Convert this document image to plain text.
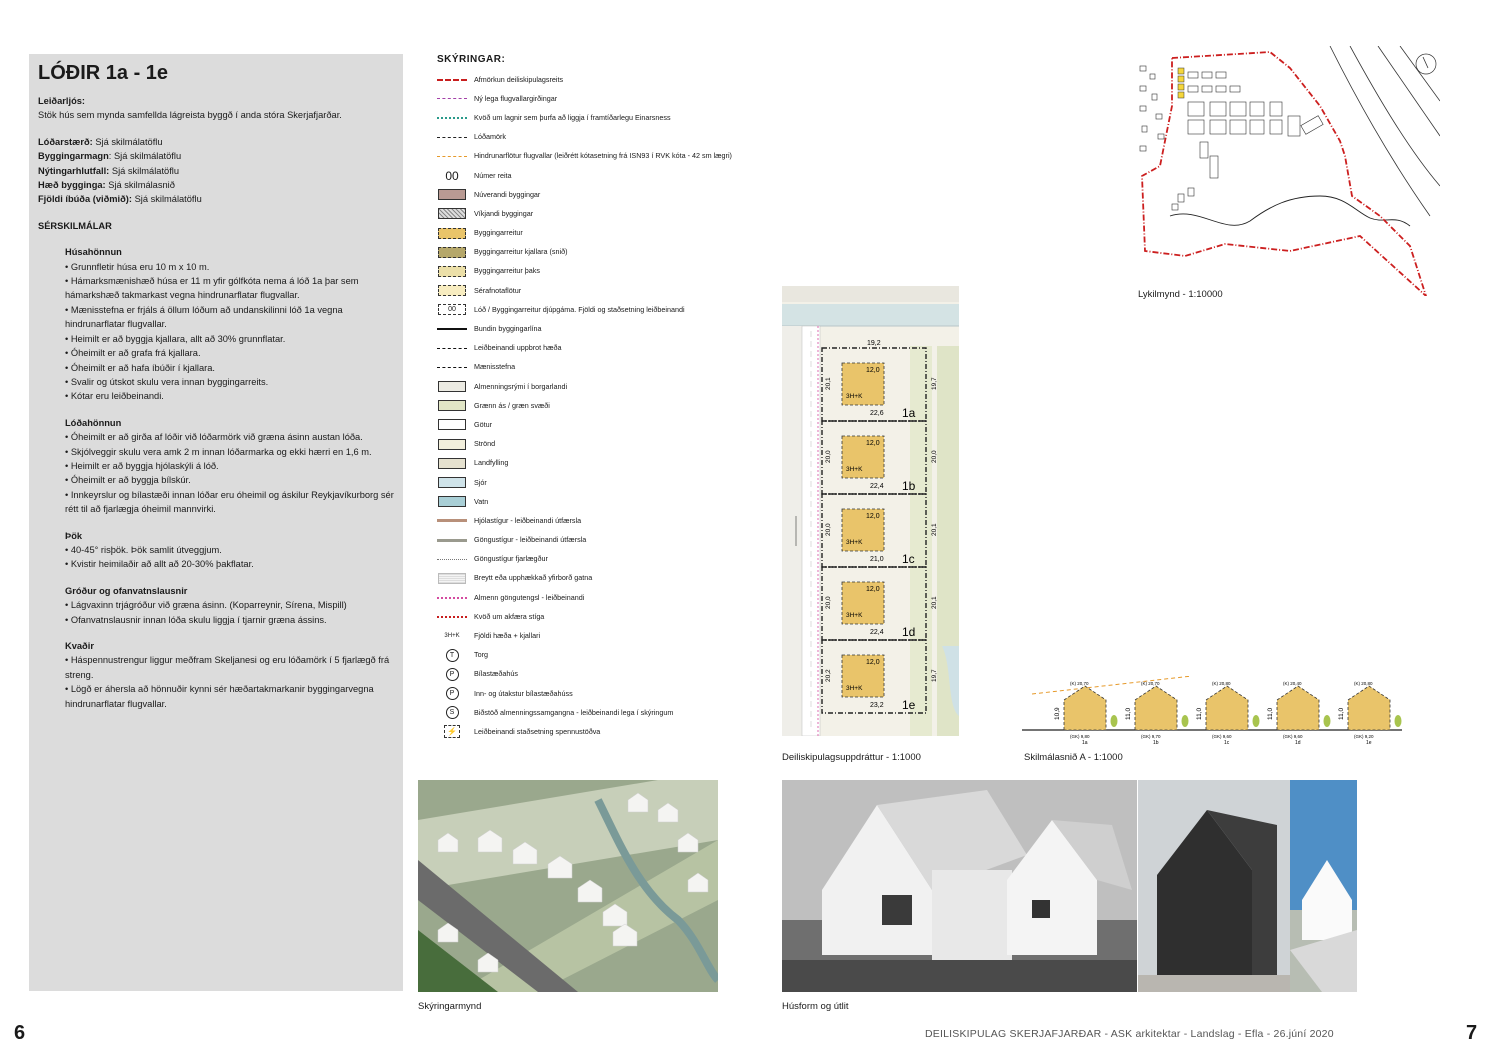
LÓÐIR 1a - 1e

Leiðarljós:

Stök hús sem mynda samfellda lágreista byggð í anda stóra Skerjafjarðar.

Lóðarstærð: Sjá skilmálatöflu

Byggingarmagn: Sjá skilmálatöflu

Nýtingarhlutfall: Sjá skilmálatöflu

Hæð bygginga: Sjá skilmálasnið

Fjöldi íbúða (viðmið): Sjá skilmálatöflu

SÉRSKILMÁLAR

Húsahönnun

• Grunnfletir húsa eru 10 m x 10 m.
• Hámarksmænishæð húsa er 11 m yfir gólfkóta nema á lóð 1a þar sem hámarkshæð takmarkast vegna hindrunarflatar flugvallar.
• Mænisstefna er frjáls á öllum lóðum að undanskilinni lóð 1a vegna hindrunarflatar flugvallar.
• Heimilt er að byggja kjallara, allt að 30% grunnflatar.
• Óheimilt er að grafa frá kjallara.
• Óheimilt er að hafa íbúðir í kjallara.
• Svalir og útskot skulu vera innan byggingarreits.
• Kótar eru leiðbeinandi.

Lóðahönnun

• Óheimilt er að girða af lóðir við lóðarmörk við græna ásinn austan lóða.
• Skjólveggir skulu vera amk 2 m innan lóðarmarka og ekki hærri en 1,6 m.
• Heimilt er að byggja hjólaskýli á lóð.
• Óheimilt er að byggja bílskúr.
• Innkeyrslur og bílastæði innan lóðar eru óheimil og áskilur Reykjavíkurborg sér rétt til að fjarlægja óheimil mannvirki.

Þök

• 40-45° risþök. Þök samlit útveggjum.
• Kvistir heimilaðir að allt að 20-30% þakflatar.

Gróður og ofanvatnslausnir

• Lágvaxinn trjágróður við græna ásinn. (Koparreynir, Sírena, Mispill)
• Ofanvatnslausnir innan lóða skulu liggja í tjarnir græna ássins.

Kvaðir

• Háspennustrengur liggur meðfram Skeljanesi og eru lóðamörk í 5 fjarlægð frá streng.
• Lögð er áhersla að hönnuðir kynni sér hæðartakmarkanir byggingarvegna hindrunarflatar flugvallar.
SKÝRINGAR:
Afmörkun deiliskipulagsreits
Ný lega flugvallargirðingar
Kvöð um lagnir sem þurfa að liggja í framtíðarlegu Einarsness
Lóðamörk
Hindrunarflötur flugvallar (leiðrétt kótasetning frá ISN93 í RVK kóta - 42 sm lægri)
00 Númer reita
Núverandi byggingar
Víkjandi byggingar
Byggingarreitur
Byggingarreitur kjallara (snið)
Byggingarreitur þaks
Sérafnotaflötur
00	Lóð / Byggingarreitur djúpgáma. Fjöldi og staðsetning leiðbeinandi
Bundin byggingarlína
Leiðbeinandi uppbrot hæða
Mænisstefna
Almenningsrými í borgarlandi
Grænn ás / græn svæði
Götur
Strönd
Landfylling
Sjór
Vatn
Hjólastígur - leiðbeinandi útfærsla
Göngustígur - leiðbeinandi útfærsla
Göngustígur fjarlægður
Breytt eða upphækkað yfirborð gatna
Almenn göngutengsl - leiðbeinandi
Kvöð um akfæra stíga
3H+K Fjöldi hæða + kjallari
T	Torg
P	Bílastæðahús
P	Inn- og útakstur bílastæðahúss
S	Biðstöð almenningssamgangna - leiðbeinandi lega í skýringum
⚡	Leiðbeinandi staðsetning spennustöðva
12,0
3H+K
1a
22,6
20,1	19,7
19,2
12,0
3H+K
1b
22,4
20,0	20,0
12,0
3H+K
1c
21,0
20,0	20,1
12,0
3H+K
1d
22,4
20,0	20,1
12,0
3H+K
1e
23,2
20,2	19,7
10,9
(K) 20,70
(GK) 9,80
1a
11,0
(K) 20,70
(GK) 9,70
1b
11,0
(K) 20,80
(GK) 9,60
1c
11,0
(K) 20,40
(GK) 9,60
1d
11,0
(K) 20,80
(GK) 9,20
1e
Deiliskipulagsuppdráttur - 1:1000	Skilmálasnið A - 1:1000
Lykilmynd - 1:10000
Skýringarmynd	Húsform og útlit
6	DEILISKIPULAG SKERJAFJARÐAR - ASK arkitektar - Landslag - Efla - 26.júní 2020	7
